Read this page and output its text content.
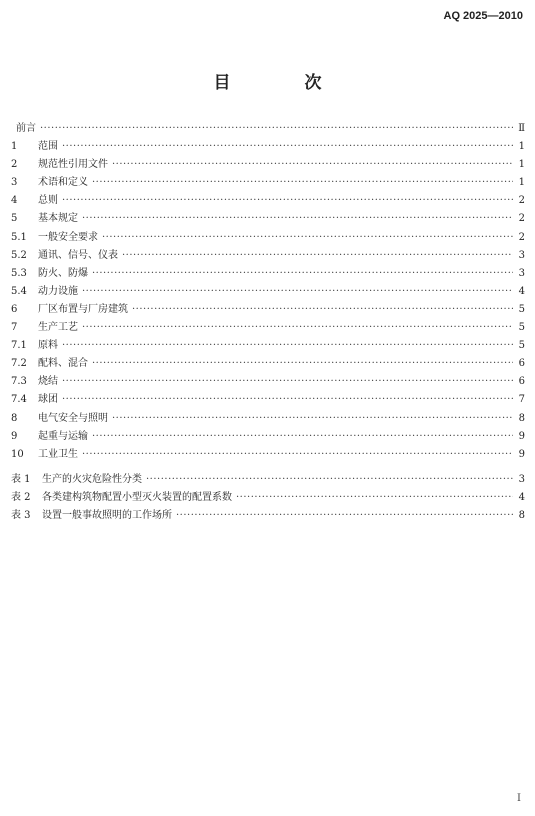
AQ 2025—2010
目 次
前言 ·····	Ⅱ
1	范围 ·····	1
2	规范性引用文件 ·····	1
3	术语和定义 ·····	1
4	总则 ·····	2
5	基本规定 ·····	2
5.1	一般安全要求 ·····	2
5.2	通讯、信号、仪表 ·····	3
5.3	防火、防爆 ·····	3
5.4	动力设施 ·····	4
6	厂区布置与厂房建筑 ·····	5
7	生产工艺 ·····	5
7.1	原料 ·····	5
7.2	配料、混合 ·····	6
7.3	烧结 ·····	6
7.4	球团 ·····	7
8	电气安全与照明 ·····	8
9	起重与运输 ·····	9
10	工业卫生 ·····	9
表 1	生产的火灾危险性分类 ·····	3
表 2	各类建构筑物配置小型灭火装置的配置系数 ·····	4
表 3	设置一般事故照明的工作场所 ·····	8
I
